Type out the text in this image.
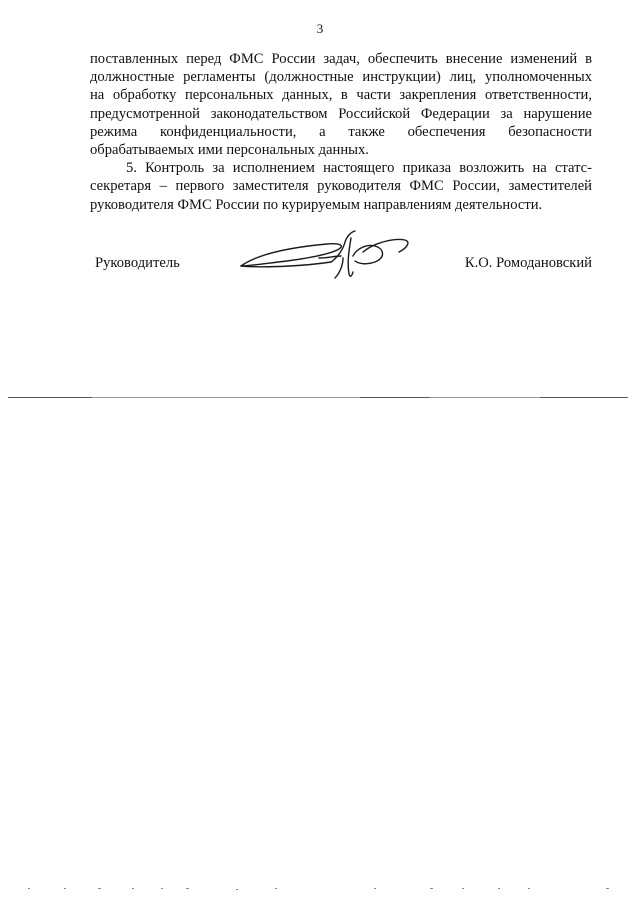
3

поставленных перед ФМС России задач, обеспечить внесение изменений в
должностные регламенты (должностные инструкции) лиц, уполномоченных
на обработку персональных данных, в части закрепления ответственности,
предусмотренной законодательством Российской Федерации за нарушение
режима конфиденциальности, а также обеспечения безопасности
обрабатываемых ими персональных данных.

5. Контроль за исполнением настоящего приказа возложить на статс-
секретаря – первого заместителя руководителя ФМС России, заместителей
руководителя ФМС России по курируемым направлениям деятельности.

Руководитель	К.О. Ромодановский
